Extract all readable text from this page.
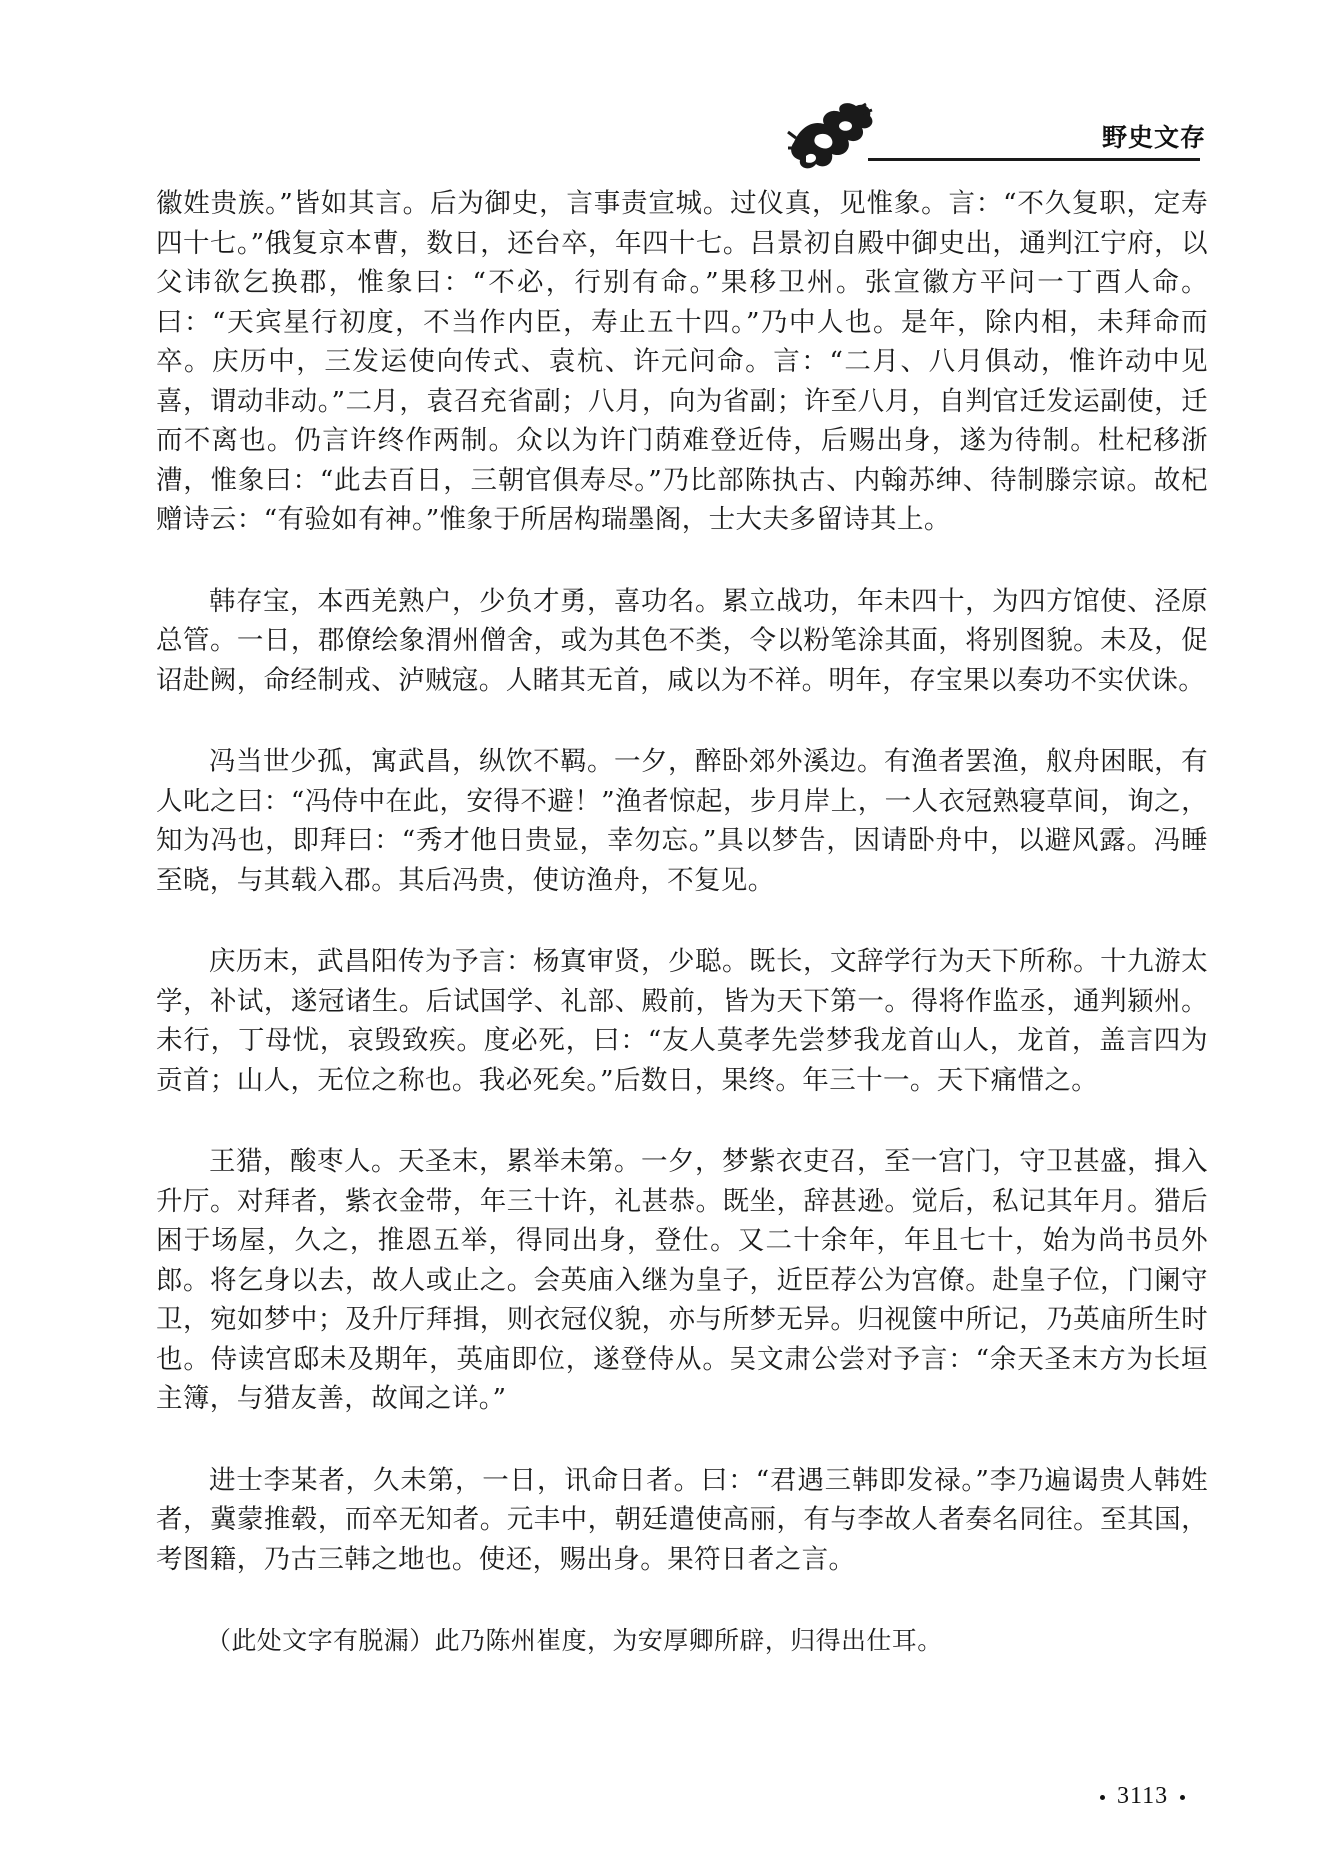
野史文存

徽姓贵族。”皆如其言。后为御史，言事责宣城。过仪真，见惟象。言：“不久复职，定寿四十七。”俄复京本曹，数日，还台卒，年四十七。吕景初自殿中御史出，通判江宁府，以父讳欲乞换郡，惟象曰：“不必，行别有命。”果移卫州。张宣徽方平问一丁酉人命。曰：“天宾星行初度，不当作内臣，寿止五十四。”乃中人也。是年，除内相，未拜命而卒。庆历中，三发运使向传式、袁杭、许元问命。言：“二月、八月俱动，惟许动中见喜，谓动非动。”二月，袁召充省副；八月，向为省副；许至八月，自判官迁发运副使，迁而不离也。仍言许终作两制。众以为许门荫难登近侍，后赐出身，遂为待制。杜杞移浙漕，惟象曰：“此去百日，三朝官俱寿尽。”乃比部陈执古、内翰苏绅、待制滕宗谅。故杞赠诗云：“有验如有神。”惟象于所居构瑞墨阁，士大夫多留诗其上。

韩存宝，本西羌熟户，少负才勇，喜功名。累立战功，年未四十，为四方馆使、泾原总管。一日，郡僚绘象渭州僧舍，或为其色不类，令以粉笔涂其面，将别图貌。未及，促诏赴阙，命经制戎、泸贼寇。人睹其无首，咸以为不祥。明年，存宝果以奏功不实伏诛。

冯当世少孤，寓武昌，纵饮不羁。一夕，醉卧郊外溪边。有渔者罢渔，舣舟困眠，有人叱之曰：“冯侍中在此，安得不避！”渔者惊起，步月岸上，一人衣冠熟寝草间，询之，知为冯也，即拜曰：“秀才他日贵显，幸勿忘。”具以梦告，因请卧舟中，以避风露。冯睡至晓，与其载入郡。其后冯贵，使访渔舟，不复见。

庆历末，武昌阳传为予言：杨寘审贤，少聪。既长，文辞学行为天下所称。十九游太学，补试，遂冠诸生。后试国学、礼部、殿前，皆为天下第一。得将作监丞，通判颍州。未行，丁母忧，哀毁致疾。度必死，曰：“友人莫孝先尝梦我龙首山人，龙首，盖言四为贡首；山人，无位之称也。我必死矣。”后数日，果终。年三十一。天下痛惜之。

王猎，酸枣人。天圣末，累举未第。一夕，梦紫衣吏召，至一宫门，守卫甚盛，揖入升厅。对拜者，紫衣金带，年三十许，礼甚恭。既坐，辞甚逊。觉后，私记其年月。猎后困于场屋，久之，推恩五举，得同出身，登仕。又二十余年，年且七十，始为尚书员外郎。将乞身以去，故人或止之。会英庙入继为皇子，近臣荐公为宫僚。赴皇子位，门阑守卫，宛如梦中；及升厅拜揖，则衣冠仪貌，亦与所梦无异。归视箧中所记，乃英庙所生时也。侍读宫邸未及期年，英庙即位，遂登侍从。吴文肃公尝对予言：“余天圣末方为长垣主簿，与猎友善，故闻之详。”

进士李某者，久未第，一日，讯命日者。曰：“君遇三韩即发禄。”李乃遍谒贵人韩姓者，冀蒙推毂，而卒无知者。元丰中，朝廷遣使高丽，有与李故人者奏名同往。至其国，考图籍，乃古三韩之地也。使还，赐出身。果符日者之言。

（此处文字有脱漏）此乃陈州崔度，为安厚卿所辟，归得出仕耳。

3113
